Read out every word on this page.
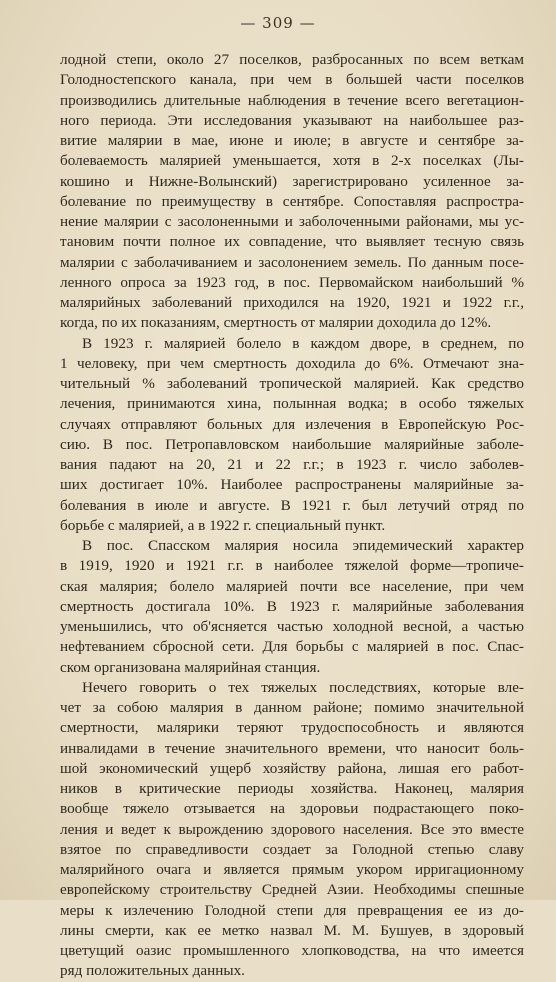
— 309 —
лодной степи, около 27 поселков, разбросанных по всем веткам
Голодностепского канала, при чем в большей части поселков
производились длительные наблюдения в течение всего вегетацион-
ного периода. Эти исследования указывают на наибольшее раз-
витие малярии в мае, июне и июле; в августе и сентябре за-
болеваемость малярией уменьшается, хотя в 2-х поселках (Лы-
кошино и Нижне-Волынский) зарегистрировано усиленное за-
болевание по преимуществу в сентябре. Сопоставляя распростра-
нение малярии с засолоненными и заболоченными районами, мы ус-
тановим почти полное их совпадение, что выявляет тесную связь
малярии с заболачиванием и засолонением земель. По данным посе-
ленного опроса за 1923 год, в пос. Первомайском наибольший %
малярийных заболеваний приходился на 1920, 1921 и 1922 г.г.,
когда, по их показаниям, смертность от малярии доходила до 12%.
В 1923 г. малярией болело в каждом дворе, в среднем, по
1 человеку, при чем смертность доходила до 6%. Отмечают зна-
чительный % заболеваний тропической малярией. Как средство
лечения, принимаются хина, полынная водка; в особо тяжелых
случаях отправляют больных для излечения в Европейскую Рос-
сию. В пос. Петропавловском наибольшие малярийные заболе-
вания падают на 20, 21 и 22 г.г.; в 1923 г. число заболев-
ших достигает 10%. Наиболее распространены малярийные за-
болевания в июле и августе. В 1921 г. был летучий отряд по
борьбе с малярией, а в 1922 г. специальный пункт.
В пос. Спасском малярия носила эпидемический характер
в 1919, 1920 и 1921 г.г. в наиболее тяжелой форме—тропиче-
ская малярия; болело малярией почти все население, при чем
смертность достигала 10%. В 1923 г. малярийные заболевания
уменьшились, что об'ясняется частью холодной весной, а частью
нефтеванием сбросной сети. Для борьбы с малярией в пос. Спас-
ском организована малярийная станция.
Нечего говорить о тех тяжелых последствиях, которые вле-
чет за собою малярия в данном районе; помимо значительной
смертности, малярики теряют трудоспособность и являются
инвалидами в течение значительного времени, что наносит боль-
шой экономический ущерб хозяйству района, лишая его работ-
ников в критические периоды хозяйства. Наконец, малярия
вообще тяжело отзывается на здоровьи подрастающего поко-
ления и ведет к вырождению здорового населения. Все это вместе
взятое по справедливости создает за Голодной степью славу
малярийного очага и является прямым укором ирригационному
европейскому строительству Средней Азии. Необходимы спешные
меры к излечению Голодной степи для превращения ее из до-
лины смерти, как ее метко назвал М. М. Бушуев, в здоровый
цветущий оазис промышленного хлопководства, на что имеется
ряд положительных данных.
